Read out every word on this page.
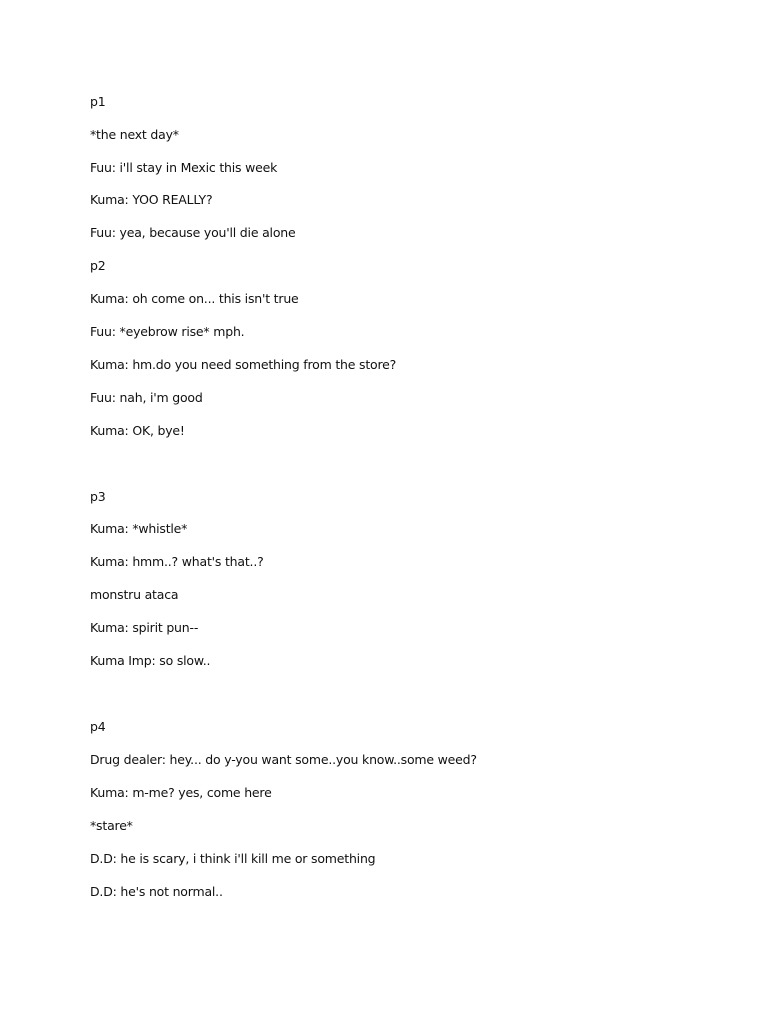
p1
*the next day*
Fuu: i'll stay in Mexic this week
Kuma: YOO REALLY?
Fuu: yea, because you'll die alone
p2
Kuma: oh come on... this isn't true
Fuu: *eyebrow rise* mph.
Kuma: hm.do you need something from the store?
Fuu: nah, i'm good
Kuma: OK, bye!
p3
Kuma: *whistle*
Kuma: hmm..? what's that..?
monstru ataca
Kuma: spirit pun--
Kuma Imp: so slow..
p4
Drug dealer: hey... do y-you want some..you know..some weed?
Kuma: m-me? yes, come here
*stare*
D.D: he is scary, i think i'll kill me or something
D.D: he's not normal..
